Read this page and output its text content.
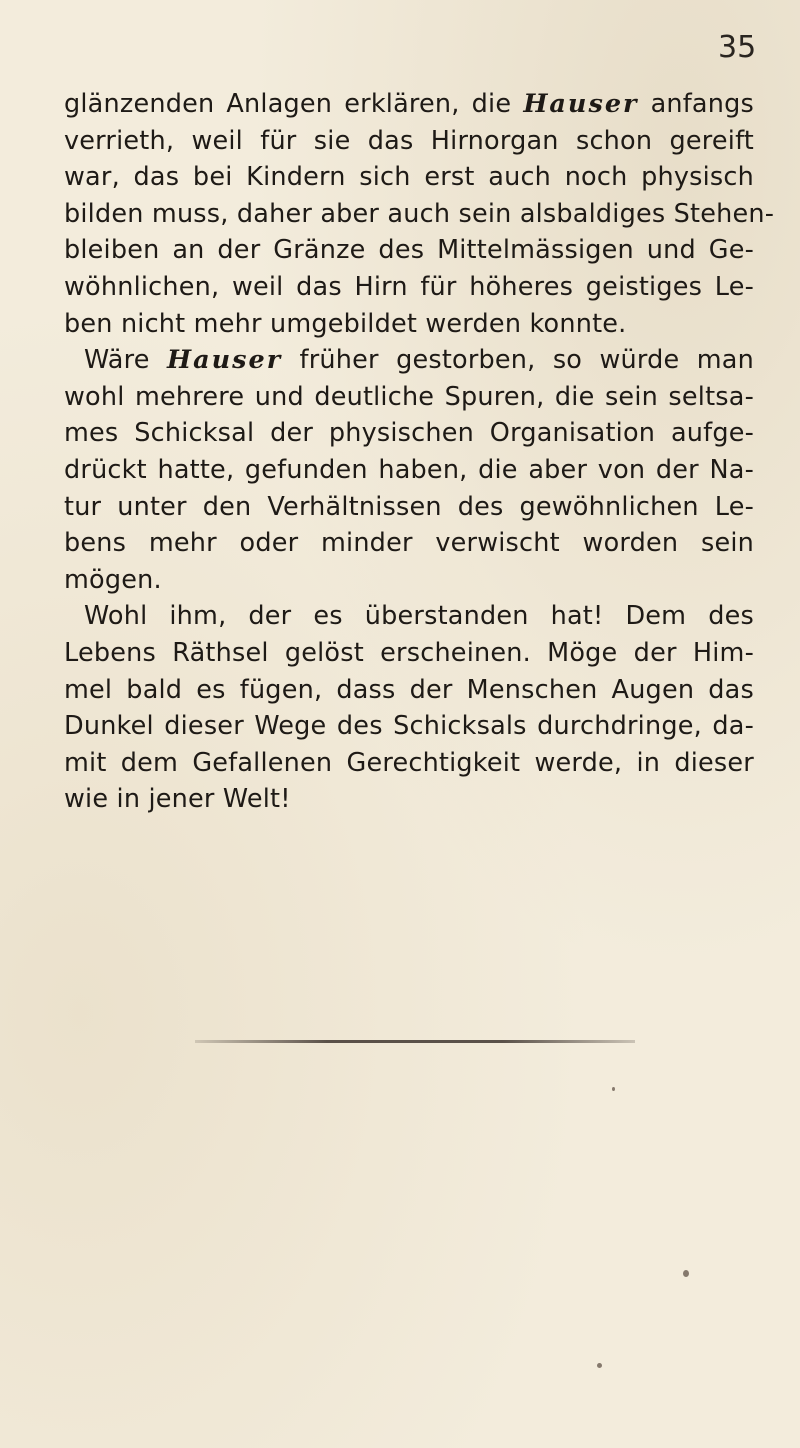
35
glänzenden Anlagen erklären, die Hauser anfangs
verrieth, weil für sie das Hirnorgan schon gereift
war, das bei Kindern sich erst auch noch physisch
bilden muss, daher aber auch sein alsbaldiges Stehen-
bleiben an der Gränze des Mittelmässigen und Ge-
wöhnlichen, weil das Hirn für höheres geistiges Le-
ben nicht mehr umgebildet werden konnte.
Wäre Hauser früher gestorben, so würde man
wohl mehrere und deutliche Spuren, die sein seltsa-
mes Schicksal der physischen Organisation aufge-
drückt hatte, gefunden haben, die aber von der Na-
tur unter den Verhältnissen des gewöhnlichen Le-
bens mehr oder minder verwischt worden sein
mögen.
Wohl ihm, der es überstanden hat! Dem des
Lebens Räthsel gelöst erscheinen. Möge der Him-
mel bald es fügen, dass der Menschen Augen das
Dunkel dieser Wege des Schicksals durchdringe, da-
mit dem Gefallenen Gerechtigkeit werde, in dieser
wie in jener Welt!
